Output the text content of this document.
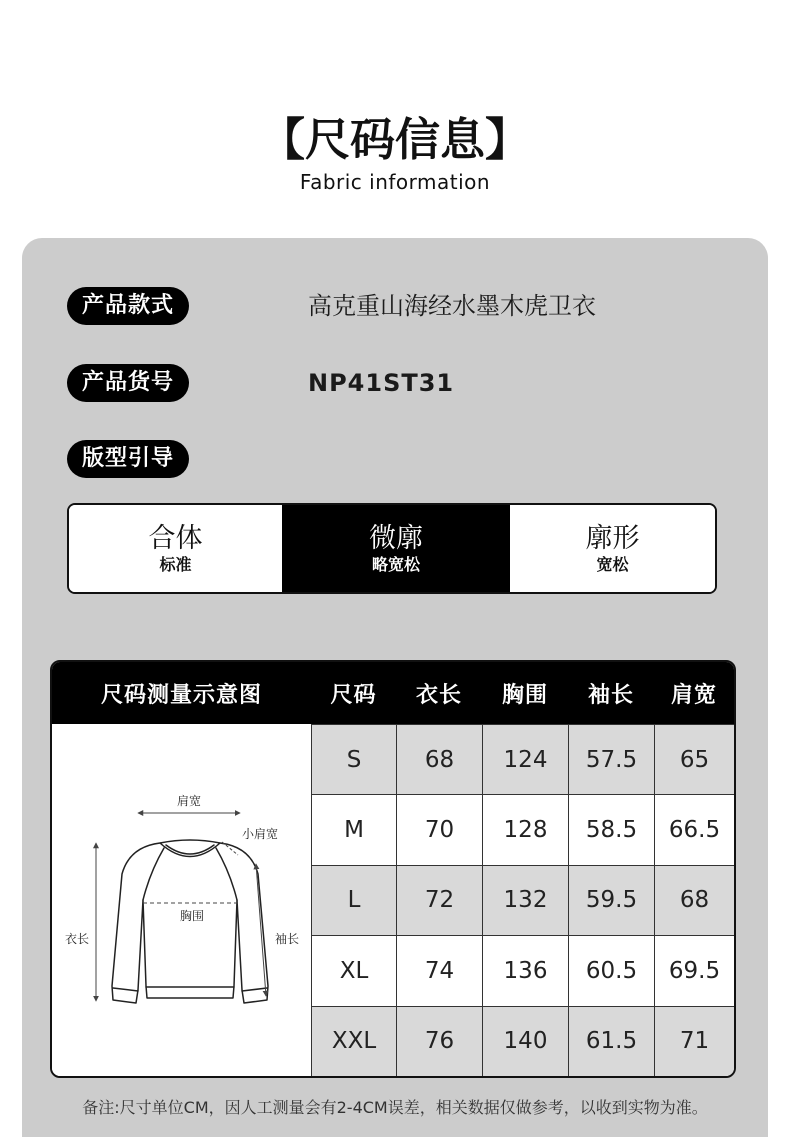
【尺码信息】
Fabric information
产品款式	高克重山海经水墨木虎卫衣
产品货号	NP41ST31
版型引导
合体
标准
微廓
略宽松
廓形
宽松
尺码测量示意图	尺码	衣长	胸围	袖长	肩宽
肩宽
小肩宽
胸围
衣长	袖长
S	68	124	57.5	65
M	70	128	58.5	66.5
L	72	132	59.5	68
XL	74	136	60.5	69.5
XXL	76	140	61.5	71
备注:尺寸单位CM，因人工测量会有2-4CM误差，相关数据仅做参考，以收到实物为准。
